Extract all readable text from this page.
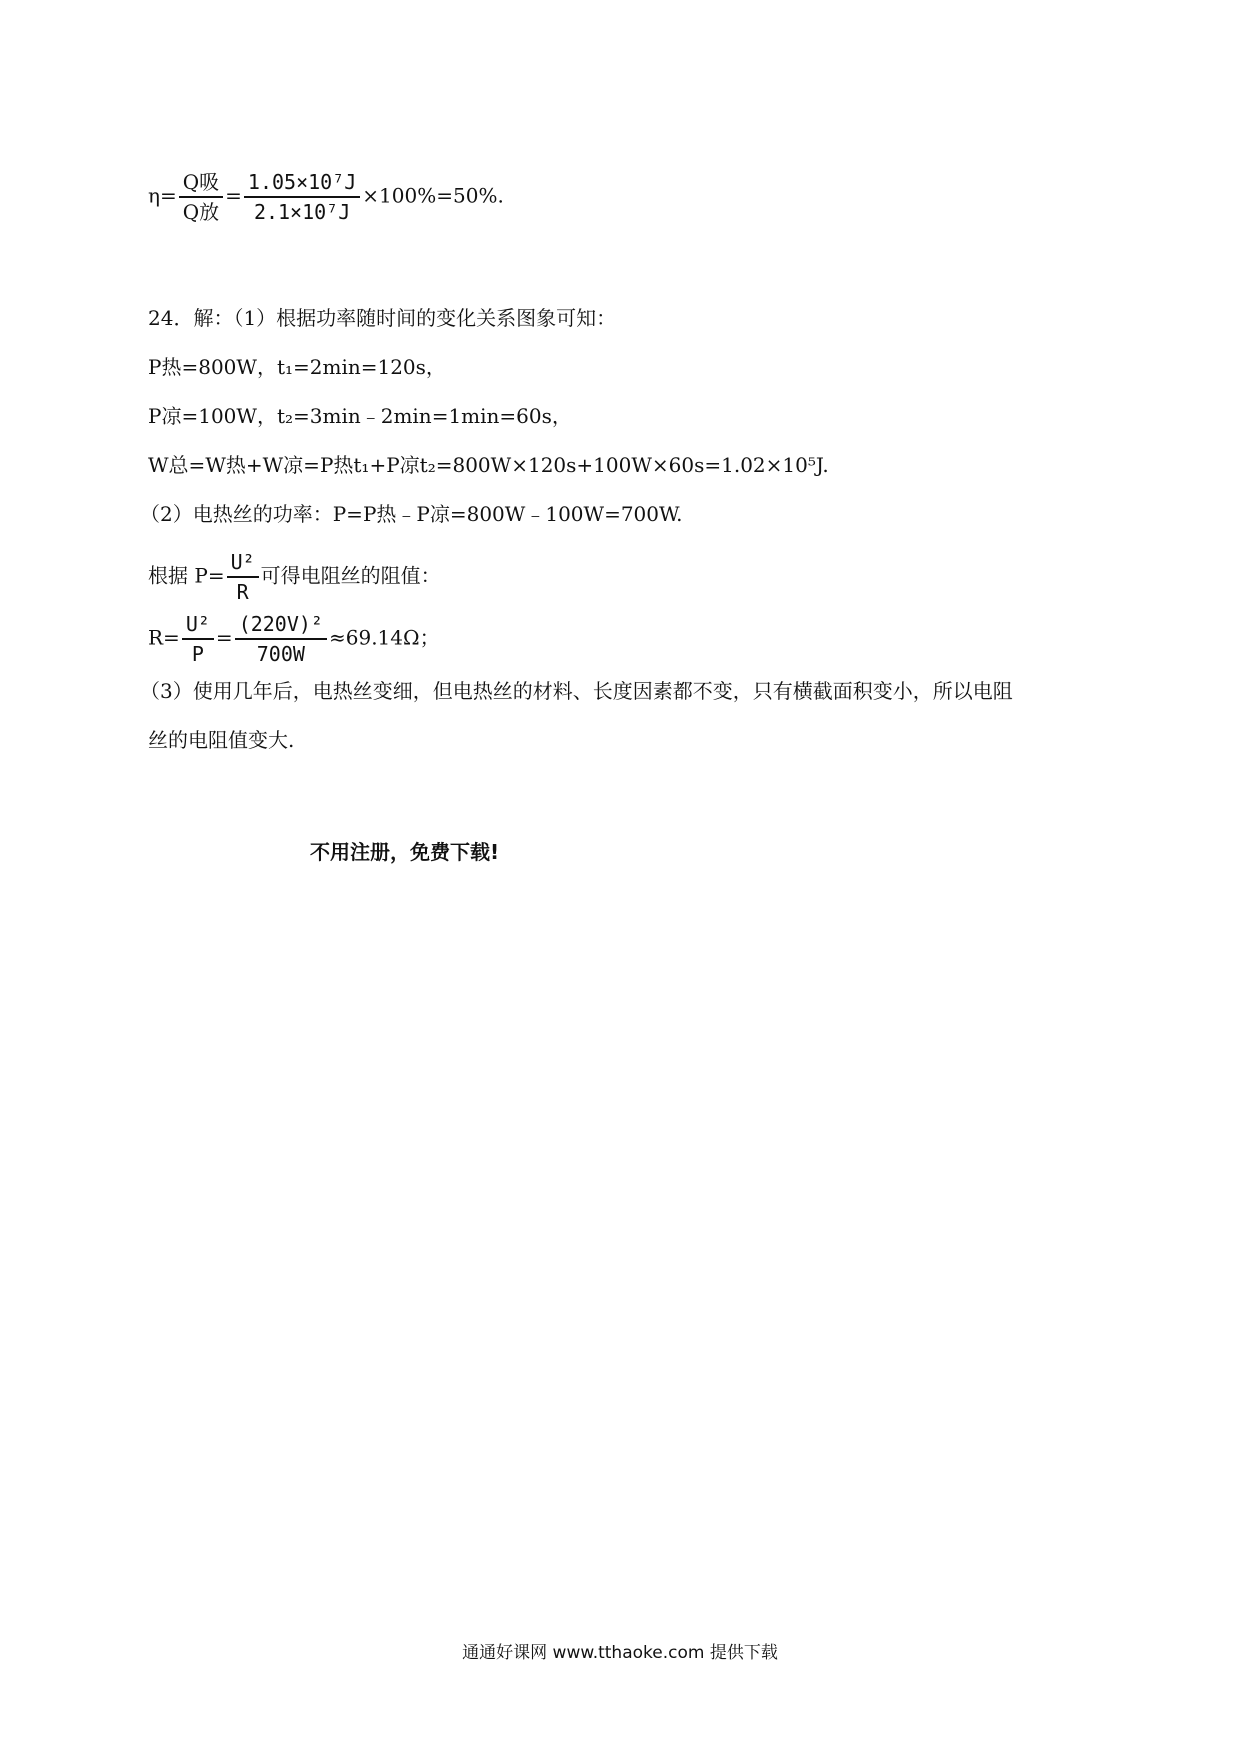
$\eta= \frac{\text{Q吸}}{\text{Q放}} = \frac{\text{1.05×10⁷J}}{\text{2.1×10⁷J}} \times 100\%=50\%$.
24．解：（1）根据功率随时间的变化关系图象可知：
P热=800W，t₁=2min=120s，
P凉=100W，t₂=3min﹣2min=1min=60s，
W总=W热+W凉=P热t₁+P凉t₂=800W×120s+100W×60s=1.02×10⁵J.
（2）电热丝的功率：P=P热﹣P凉=800W﹣100W=700W.
根据 $P= \frac{\text{U²}}{R}$ 可得电阻丝的阻值：
$R= \frac{\text{U²}}{P} = \frac{\text{(220V)²}}{700W} \approx 69.14\Omega$；
（3）使用几年后，电热丝变细，但电热丝的材料、长度因素都不变，只有横截面积变小，所以电阻
丝的电阻值变大.
不用注册，免费下载!
通通好课网 www.tthaoke.com 提供下载
